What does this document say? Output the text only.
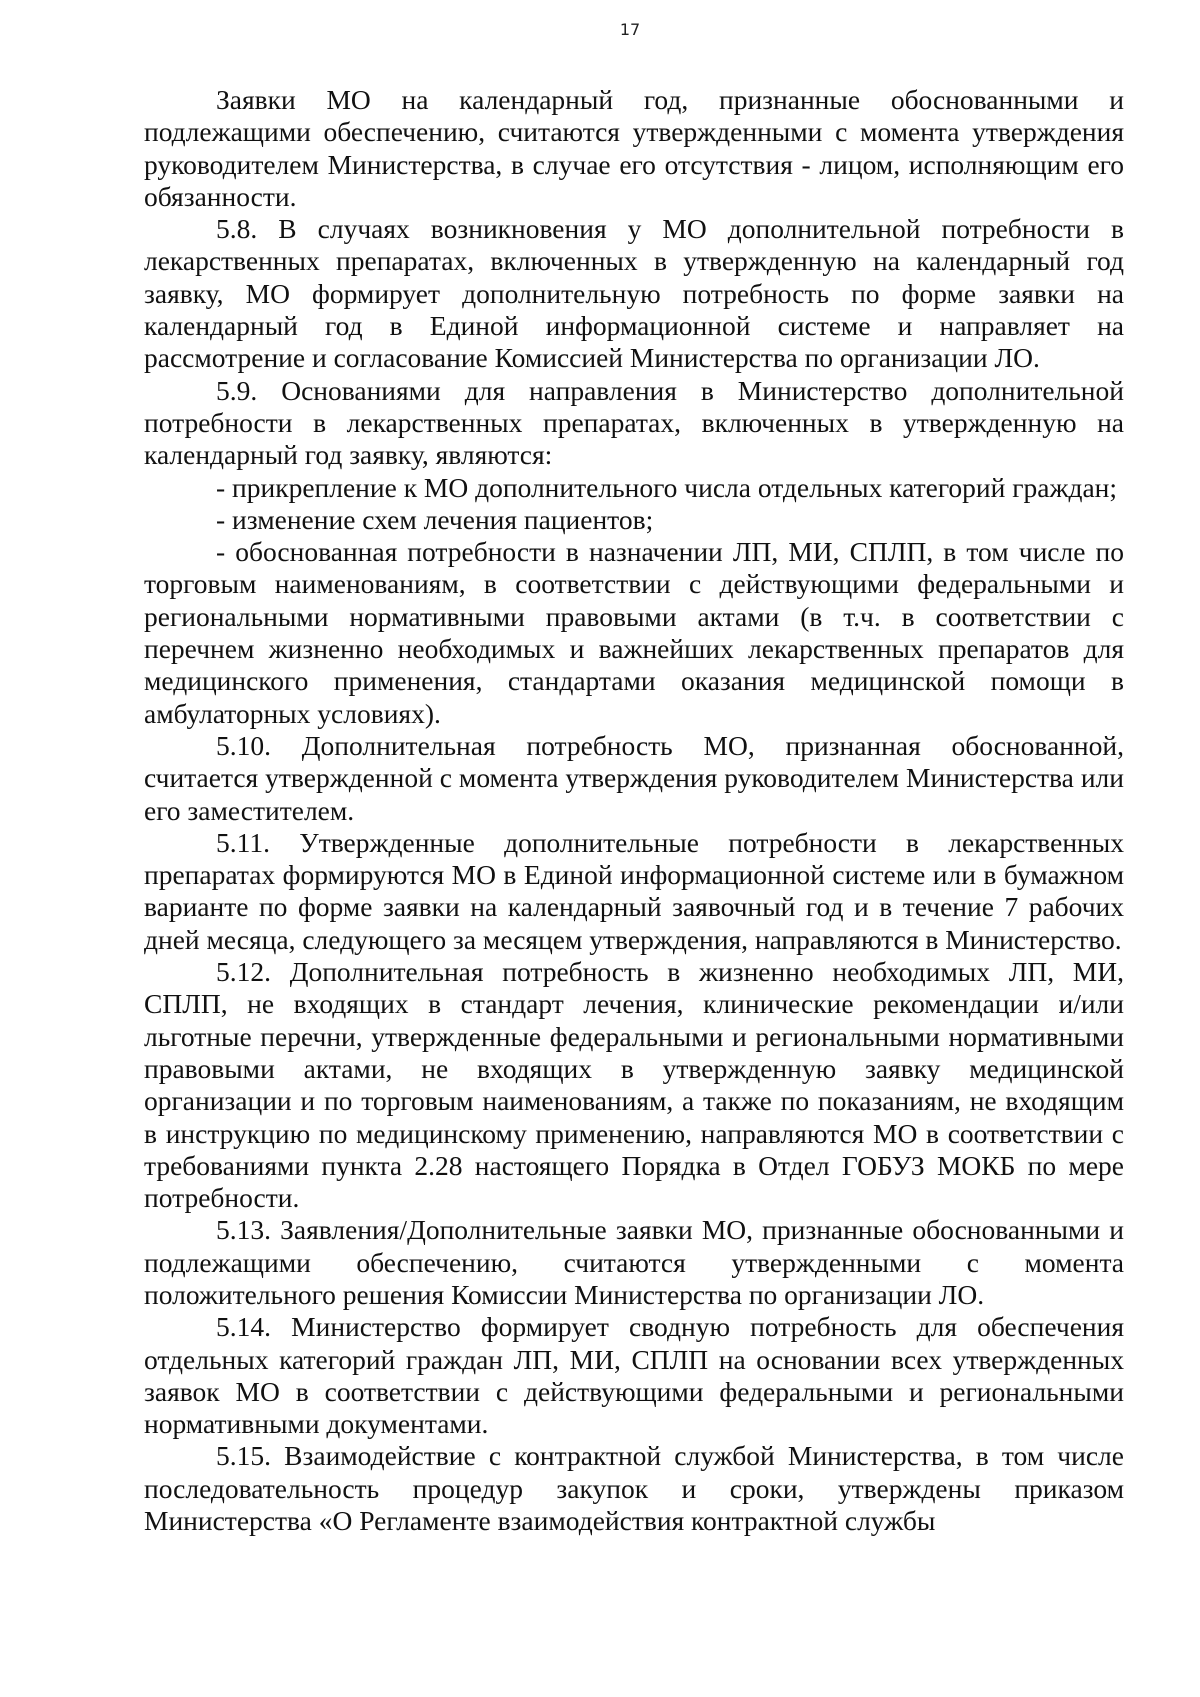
17

Заявки МО на календарный год, признанные обоснованными и подлежащими обеспечению, считаются утвержденными с момента утверждения руководителем Министерства, в случае его отсутствия - лицом, исполняющим его обязанности.

5.8. В случаях возникновения у МО дополнительной потребности в лекарственных препаратах, включенных в утвержденную на календарный год заявку, МО формирует дополнительную потребность по форме заявки на календарный год в Единой информационной системе и направляет на рассмотрение и согласование Комиссией Министерства по организации ЛО.

5.9. Основаниями для направления в Министерство дополнительной потребности в лекарственных препаратах, включенных в утвержденную на календарный год заявку, являются:

- прикрепление к МО дополнительного числа отдельных категорий граждан;

- изменение схем лечения пациентов;

- обоснованная потребности в назначении ЛП, МИ, СПЛП, в том числе по торговым наименованиям, в соответствии с действующими федеральными и региональными нормативными правовыми актами (в т.ч. в соответствии с перечнем жизненно необходимых и важнейших лекарственных препаратов для медицинского применения, стандартами оказания медицинской помощи в амбулаторных условиях).

5.10. Дополнительная потребность МО, признанная обоснованной, считается утвержденной с момента утверждения руководителем Министерства или его заместителем.

5.11. Утвержденные дополнительные потребности в лекарственных препаратах формируются МО в Единой информационной системе или в бумажном варианте по форме заявки на календарный заявочный год и в течение 7 рабочих дней месяца, следующего за месяцем утверждения, направляются в Министерство.

5.12. Дополнительная потребность в жизненно необходимых ЛП, МИ, СПЛП, не входящих в стандарт лечения, клинические рекомендации и/или льготные перечни, утвержденные федеральными и региональными нормативными правовыми актами, не входящих в утвержденную заявку медицинской организации и по торговым наименованиям, а также по показаниям, не входящим в инструкцию по медицинскому применению, направляются МО в соответствии с требованиями пункта 2.28 настоящего Порядка в Отдел ГОБУЗ МОКБ по мере потребности.

5.13. Заявления/Дополнительные заявки МО, признанные обоснованными и подлежащими обеспечению, считаются утвержденными с момента положительного решения Комиссии Министерства по организации ЛО.

5.14. Министерство формирует сводную потребность для обеспечения отдельных категорий граждан ЛП, МИ, СПЛП на основании всех утвержденных заявок МО в соответствии с действующими федеральными и региональными нормативными документами.

5.15. Взаимодействие с контрактной службой Министерства, в том числе последовательность процедур закупок и сроки, утверждены приказом Министерства «О Регламенте взаимодействия контрактной службы
